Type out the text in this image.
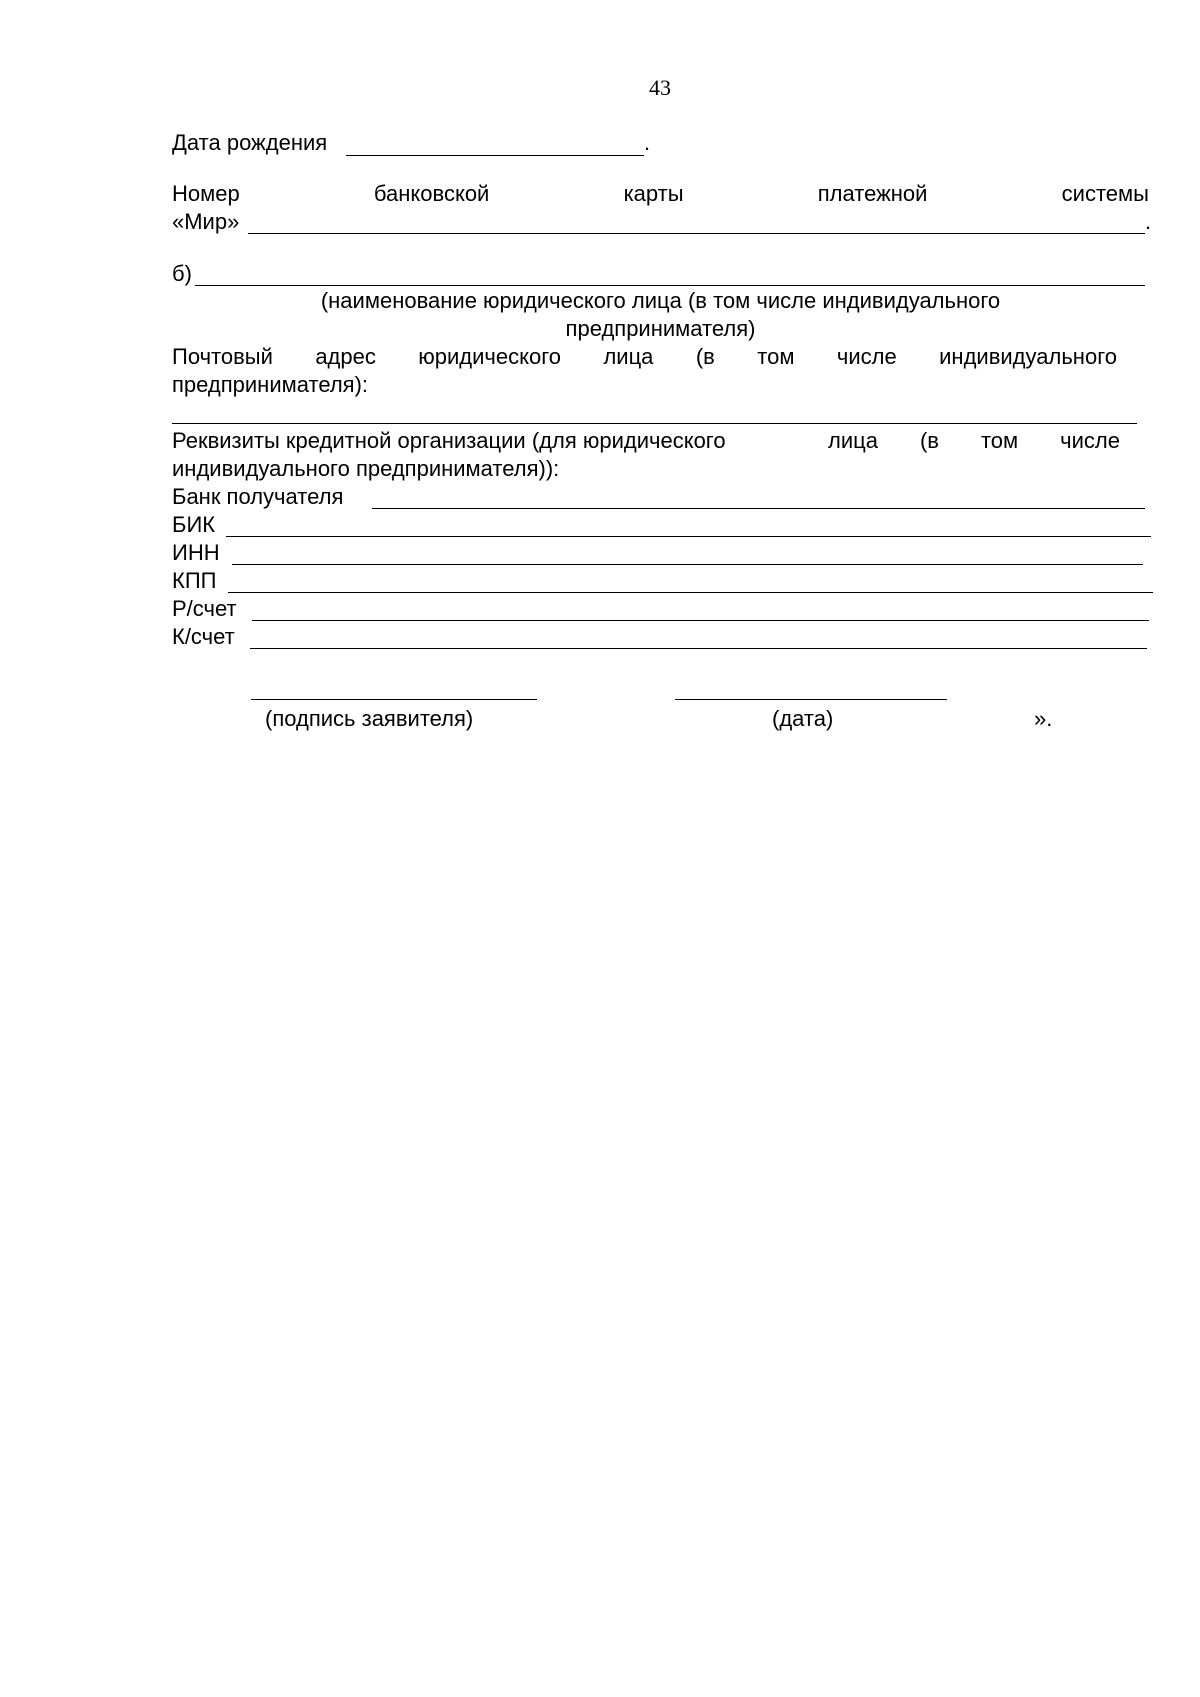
43
Дата рождения	.
Номер	банковской	карты	платежной	системы
«Мир»	.
б)
(наименование юридического лица (в том числе индивидуального
предпринимателя)
Почтовый адрес юридического лица (в том числе индивидуального
предпринимателя):
Реквизиты кредитной организации (для юридического	лица (в том числе
индивидуального предпринимателя)):
Банк получателя
БИК
ИНН
КПП
Р/счет
К/счет
(подпись заявителя)	(дата)	».
